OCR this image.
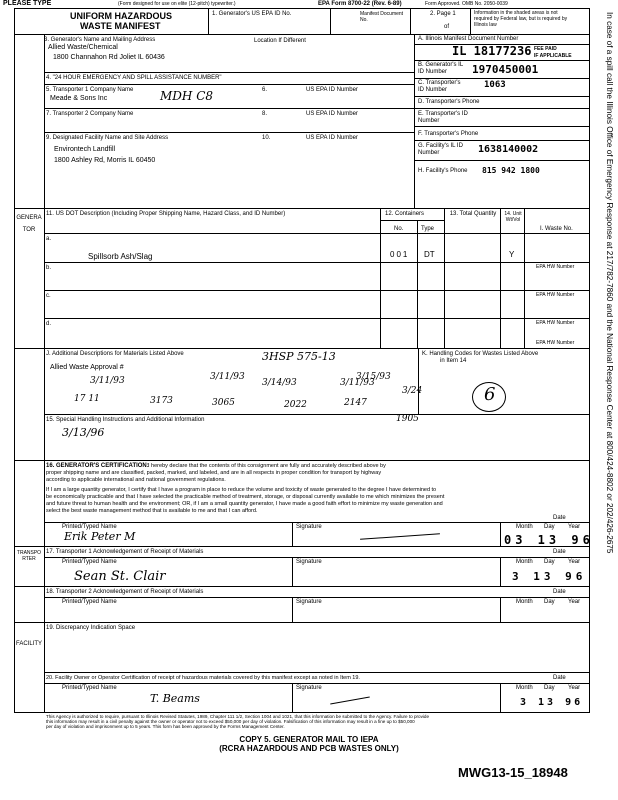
PLEASE TYPE	(Form designed for use on elite (12-pitch) typewriter.)	EPA Form 8700-22 (Rev. 6-89)	Form Approved. OMB No. 2050-0039
UNIFORM HAZARDOUS
WASTE MANIFEST
1. Generator's US EPA ID No.	Manifest Document No.
2. Page 1
of
Information in the shaded areas is not
required by Federal law, but is required by
Illinois law
3. Generator's Name and Mailing Address
Allied Waste/Chemical
1800 Channahon Rd Joliet IL 60436
Location If Different
4. "24 HOUR EMERGENCY AND SPILL ASSISTANCE NUMBER"
5. Transporter 1 Company Name
Meade & Sons Inc	MDH C8	6.	US EPA ID Number
7. Transporter 2 Company Name	8.	US EPA ID Number
9. Designated Facility Name and Site Address	10.	US EPA ID Number
Environtech Landfill
1800 Ashley Rd, Morris IL 60450
A. Illinois Manifest Document Number
IL 18177236 FEE PAID
IF APPLICABLE
B. Generator's IL ID Number	1970450001
C. Transporter's ID Number	1063
D. Transporter's Phone
E. Transporter's ID Number
F. Transporter's Phone
G. Facility's IL ID Number	1638140002
H. Facility's Phone 815 942 1800
11. US DOT Description (Including Proper Shipping Name, Hazard Class, and ID Number)	12. Containers
No.	Type
13. Total Quantity	14. Unit Wt/Vol
I. Waste No.
a.
Spillsorb Ash/Slag	001 DT	Y
EPA HW Number
b.
EPA HW Number
c.
EPA HW Number
d.
EPA HW Number
J. Additional Descriptions for Materials Listed Above
Allied Waste Approval #
K. Handling Codes for Wastes Listed Above
in Item 14
3HSP 575-13
3/11/93	3/11/93
3/14/93	3/11/93
3/15/93
17 11	3173	3065	2022	2147
3/24
1905
6
15. Special Handling Instructions and Additional Information
3/13/96
16. GENERATOR'S CERTIFICATION: I hereby declare that the contents of this consignment are fully and accurately described above by
proper shipping name and are classified, packed, marked, and labeled, and are in all respects in proper condition for transport by highway
according to applicable international and national government regulations.
If I am a large quantity generator, I certify that I have a program in place to reduce the volume and toxicity of waste generated to the degree I have determined to
be economically practicable and that I have selected the practicable method of treatment, storage, or disposal currently available to me which minimizes the present
and future threat to human health and the environment; OR, if I am a small quantity generator, I have made a good faith effort to minimize my waste generation and
select the best waste management method that is available to me and that I can afford.
Date
Printed/Typed Name	Signature	Month Day Year
Erik Peter M	03 13 96
17. Transporter 1 Acknowledgement of Receipt of Materials	Date
Printed/Typed Name	Signature	Month Day Year
Sean St. Clair	3 13 96
18. Transporter 2 Acknowledgement of Receipt of Materials	Date
Printed/Typed Name	Signature	Month Day Year
19. Discrepancy Indication Space
20. Facility Owner or Operator Certification of receipt of hazardous materials covered by this manifest except as noted in Item 19.	Date
Printed/Typed Name	Signature	Month Day Year
T. Beams	3 13 96
GENERATOR
TRANSPORTER
FACILITY
In case of a spill call the Illinois Office of Emergency Response at 217/782-7860 and the National Response Center at 800/424-8802 or 202/426-2675
This Agency is authorized to require, pursuant to Illinois Revised Statutes, 1989, Chapter 111 1/2, Section 1004 and 1021, that this information be submitted to the Agency. Failure to provide
this information may result in a civil penalty against the owner or operator not to exceed $50,000 per day of violation. Falsification of this information may result in a fine up to $50,000
per day of violation and imprisonment up to 5 years. This form has been approved by the Forms Management Center.
COPY 5. GENERATOR MAIL TO IEPA
(RCRA HAZARDOUS AND PCB WASTES ONLY)
MWG13-15_18948
